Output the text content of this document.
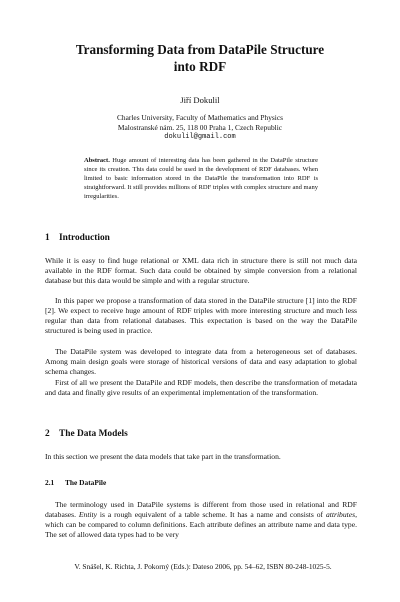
Transforming Data from DataPile Structure
into RDF
Jiří Dokulil
Charles University, Faculty of Mathematics and Physics
Malostranské nám. 25, 118 00 Praha 1, Czech Republic
dokulil@gmail.com
Abstract. Huge amount of interesting data has been gathered in the DataPile structure since its creation. This data could be used in the development of RDF databases. When limited to basic information stored in the DataPile the transformation into RDF is straightforward. It still provides millions of RDF triples with complex structure and many irregularities.
1 Introduction
While it is easy to find huge relational or XML data rich in structure there is still not much data available in the RDF format. Such data could be obtained by simple conversion from a relational database but this data would be simple and with a regular structure.
In this paper we propose a transformation of data stored in the DataPile structure [1] into the RDF [2]. We expect to receive huge amount of RDF triples with more interesting structure and much less regular than data from relational databases. This expectation is based on the way the DataPile structured is being used in practice.
The DataPile system was developed to integrate data from a heterogeneous set of databases. Among main design goals were storage of historical versions of data and easy adaptation to global schema changes.
First of all we present the DataPile and RDF models, then describe the transformation of metadata and data and finally give results of an experimental implementation of the transformation.
2 The Data Models
In this section we present the data models that take part in the transformation.
2.1 The DataPile
The terminology used in DataPile systems is different from those used in relational and RDF databases. Entity is a rough equivalent of a table scheme. It has a name and consists of attributes, which can be compared to column definitions. Each attribute defines an attribute name and data type. The set of allowed data types had to be very
V. Snášel, K. Richta, J. Pokorný (Eds.): Dateso 2006, pp. 54–62, ISBN 80-248-1025-5.
